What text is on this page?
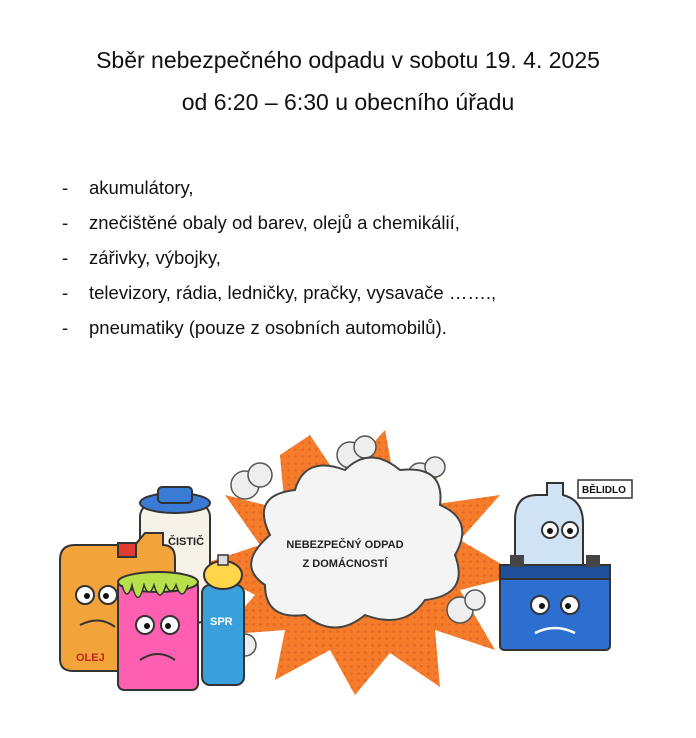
Sběr nebezpečného odpadu v sobotu 19. 4. 2025
od 6:20 – 6:30 u obecního úřadu
- akumulátory,
- znečištěné obaly od barev, olejů a chemikálií,
- zářivky, výbojky,
- televizory, rádia, ledničky, pračky, vysavače …….,
- pneumatiky (pouze z osobních automobilů).
NEBEZPEČNÝ ODPAD
Z DOMÁCNOSTÍ
ČISTIČ
OLEJ
SPR
BĚLIDLO
